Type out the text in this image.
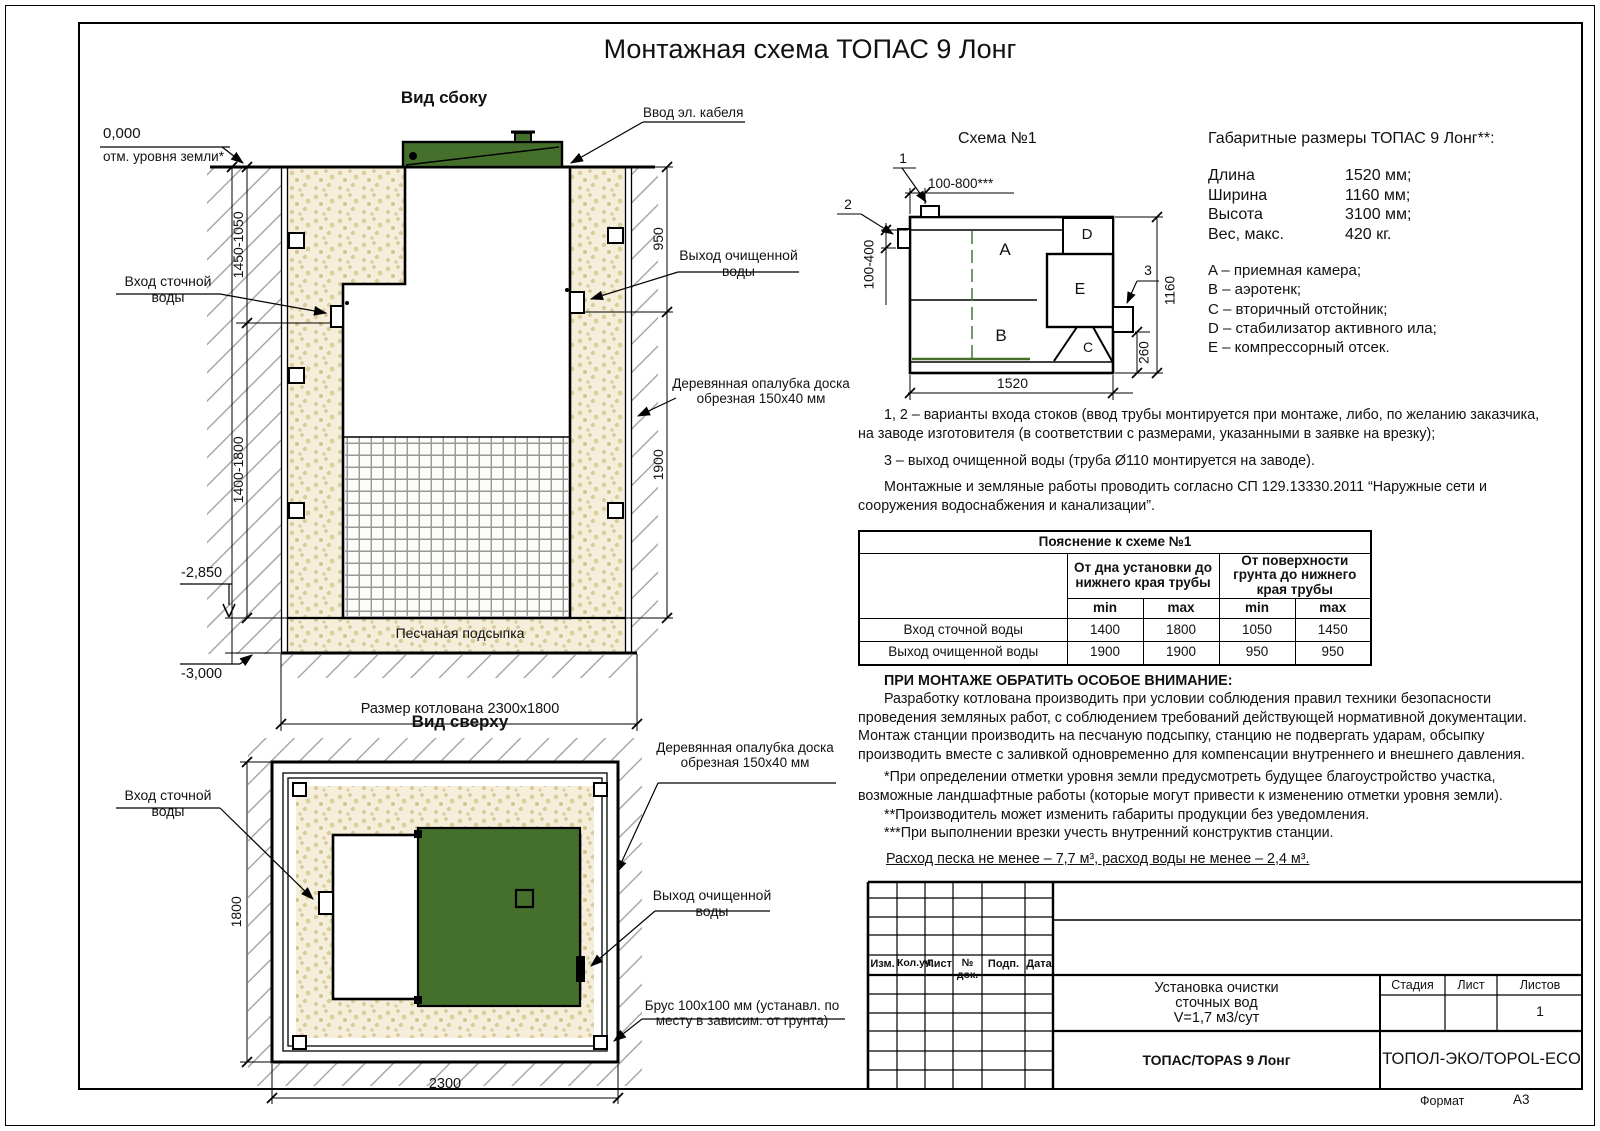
Монтажная схема ТОПАС 9 Лонг
Вид сбоку
0,000
отм. уровня земли*
Ввод эл. кабеля
Вход сточной воды
Выход очищенной воды
Деревянная опалубка доска обрезная 150х40 мм
1450-1050
1400-1800
950
1900
-2,850
-3,000
Песчаная подсыпка
Размер котлована 2300х1800
Вид сверху
Вход сточной воды
Деревянная опалубка доска обрезная 150х40 мм
Выход очищенной воды
Брус 100х100 мм (устанавл. по месту в зависим. от грунта)
1800
2300
Схема №1
1
2
3
100-800***
100-400
1160
260
1520
A
B
C
D
E
Габаритные размеры ТОПАС 9 Лонг**:
Длина	1520 мм;
Ширина	1160 мм;
Высота	3100 мм;
Вес, макс.	420 кг.
A – приемная камера;
B – аэротенк;
C – вторичный отстойник;
D – стабилизатор активного ила;
E – компрессорный отсек.
1, 2 – варианты входа стоков (ввод трубы монтируется при монтаже, либо, по желанию заказчика, на заводе изготовителя (в соответствии с размерами, указанными в заявке на врезку);
3 – выход очищенной воды (труба Ø110 монтируется на заводе).
Монтажные и земляные работы проводить согласно СП 129.13330.2011 “Наружные сети и сооружения водоснабжения и канализации”.
Пояснение к схеме №1				
	От дна установки до нижнего края трубы		От поверхности грунта до нижнего края трубы	
	min	max	min	max
Вход сточной воды	1400	1800	1050	1450
Выход очищенной воды	1900	1900	950	950
ПРИ МОНТАЖЕ ОБРАТИТЬ ОСОБОЕ ВНИМАНИЕ:
Разработку котлована производить при условии соблюдения правил техники безопасности проведения земляных работ, с соблюдением требований действующей нормативной документации. Монтаж станции производить на песчаную подсыпку, станцию не подвергать ударам, обсыпку производить вместе с заливкой одновременно для компенсации внутреннего и внешнего давления.
*При определении отметки уровня земли предусмотреть будущее благоустройство участка, возможные ландшафтные работы (которые могут привести к изменению отметки уровня земли).
**Производитель может изменить габариты продукции без уведомления.
***При выполнении врезки учесть внутренний конструктив станции.
Расход песка не менее – 7,7 м³, расход воды не менее – 2,4 м³.
Изм. Кол.уч.
Лист № док.
Подп. Дата
Установка очистки
сточных вод
V=1,7 м3/сут
Стадия	Лист	Листов
1
ТОПАС/TOPAS 9 Лонг	ТОПОЛ-ЭКО/TOPOL-ECO
Формат	А3
